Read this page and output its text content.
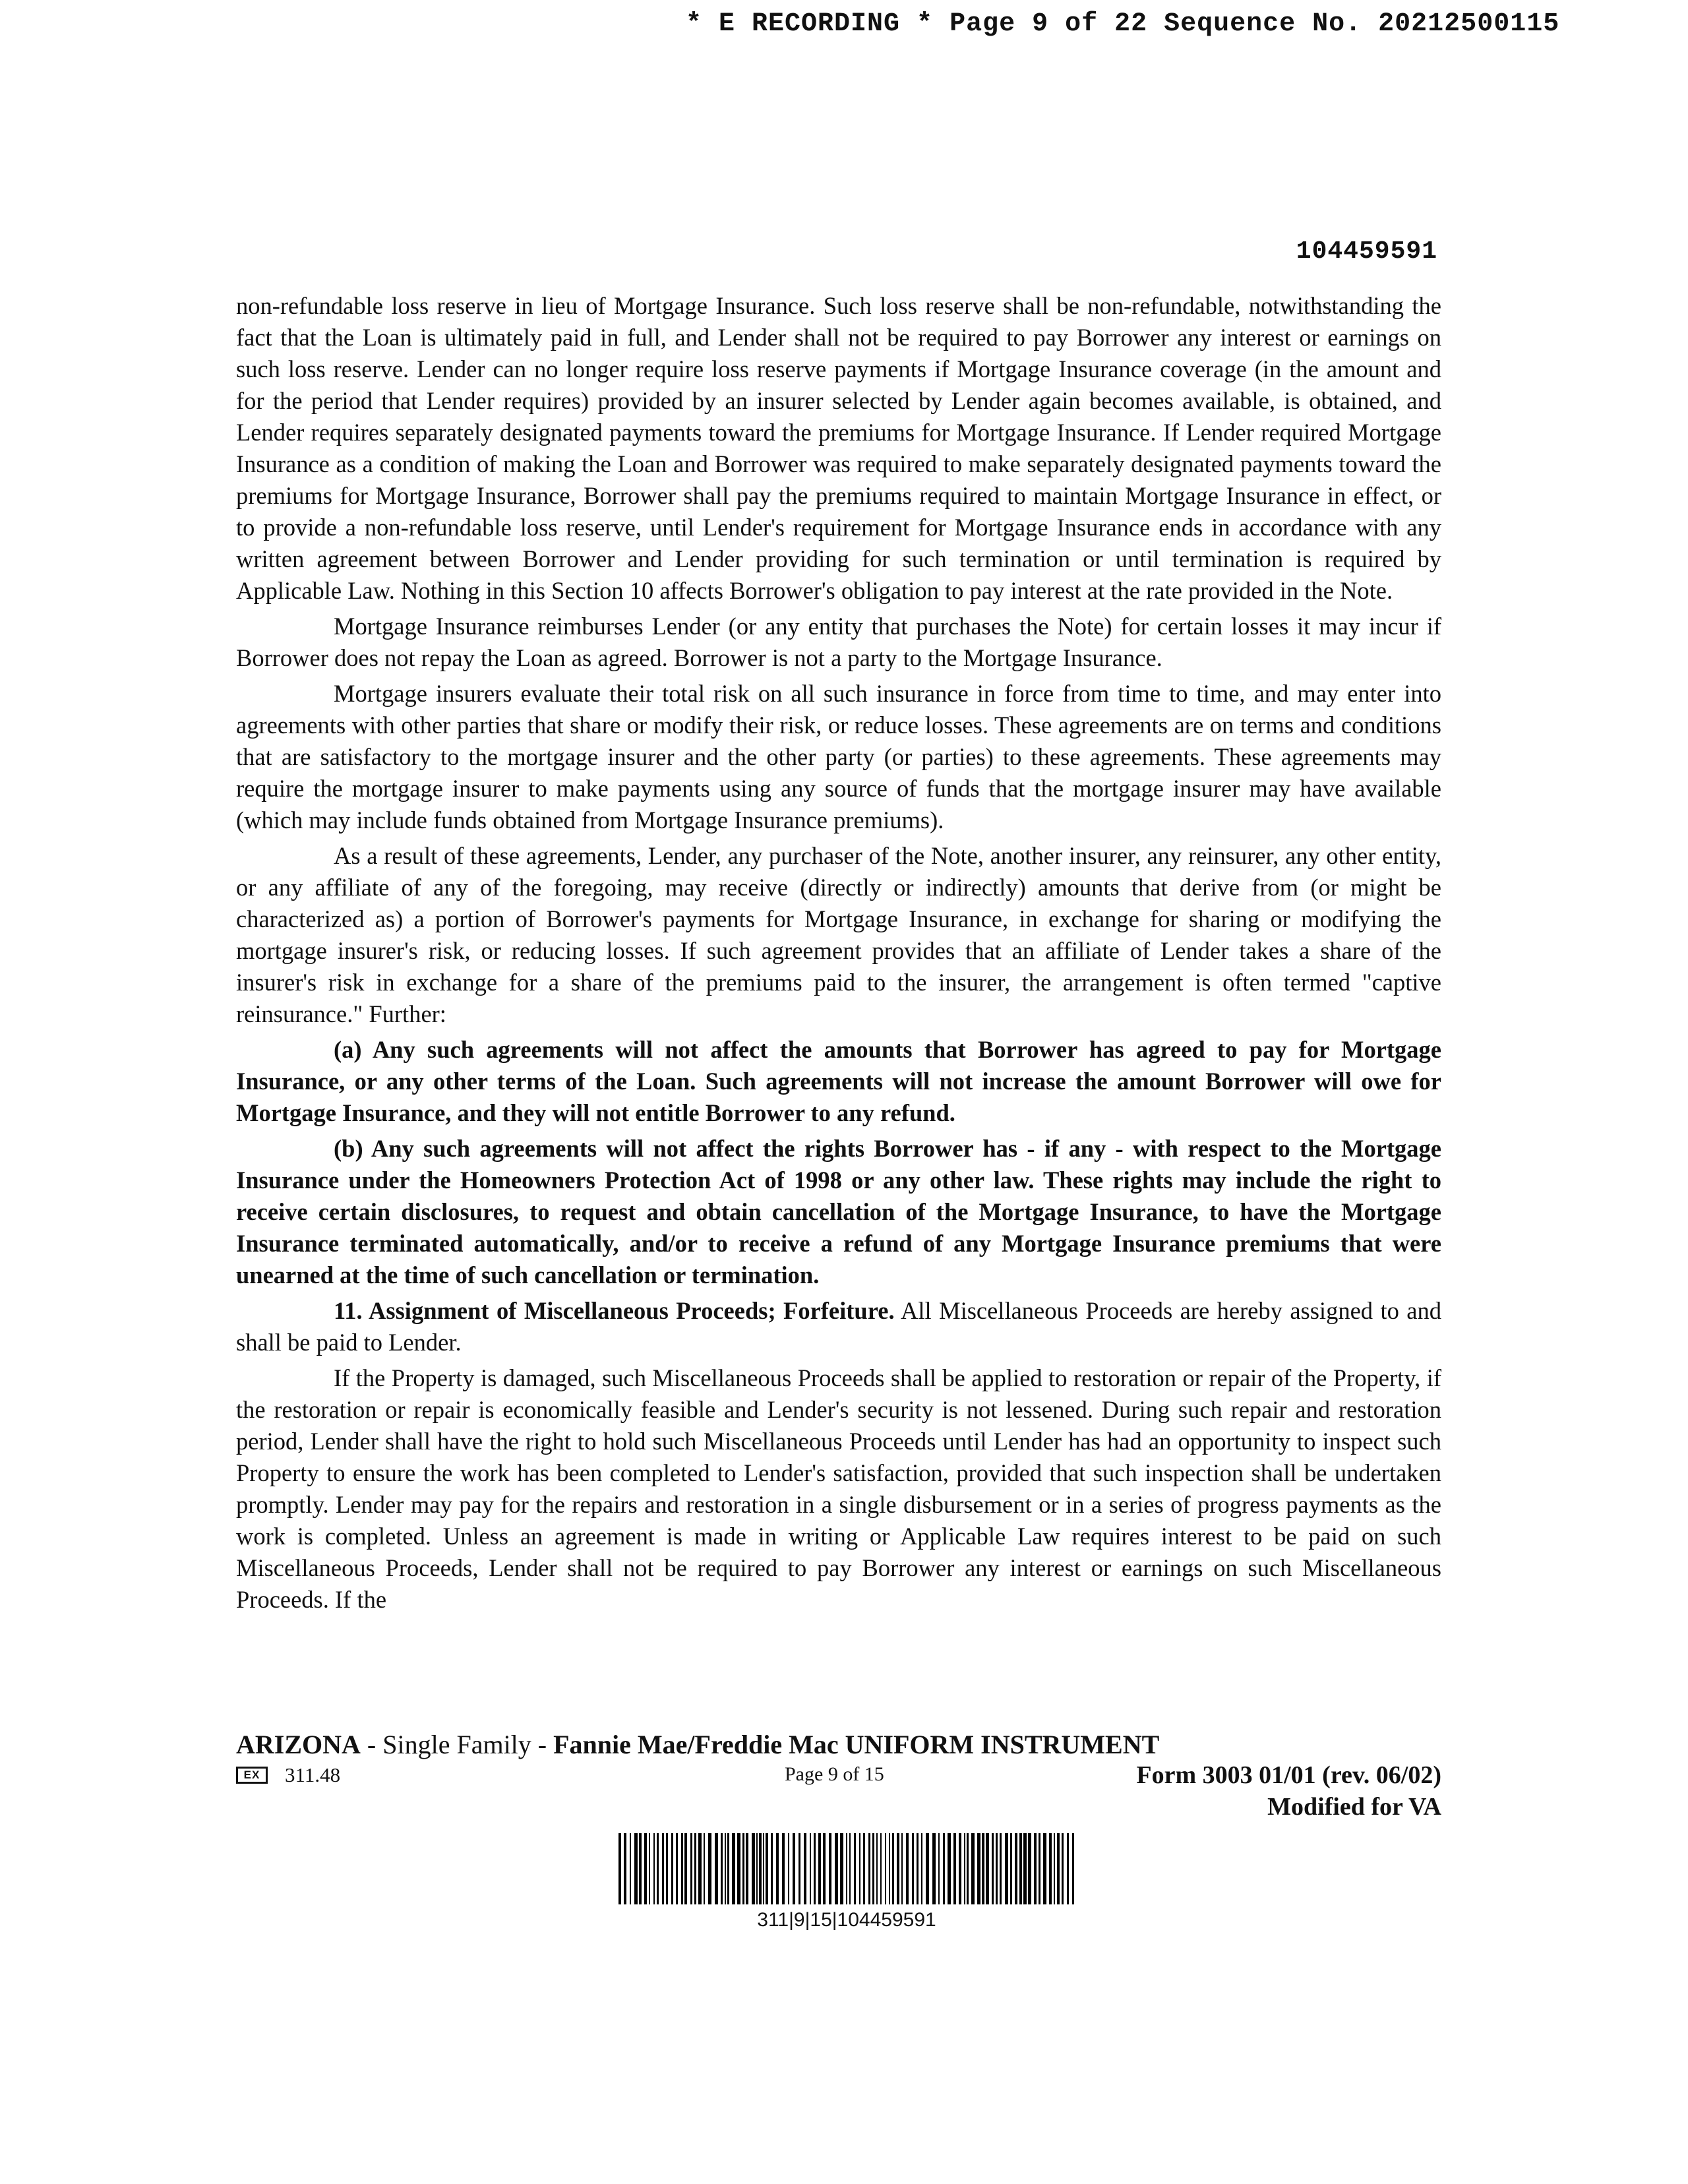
* E RECORDING * Page 9 of 22 Sequence No. 20212500115
104459591

non-refundable loss reserve in lieu of Mortgage Insurance. Such loss reserve shall be non-refundable, notwithstanding the fact that the Loan is ultimately paid in full, and Lender shall not be required to pay Borrower any interest or earnings on such loss reserve. Lender can no longer require loss reserve payments if Mortgage Insurance coverage (in the amount and for the period that Lender requires) provided by an insurer selected by Lender again becomes available, is obtained, and Lender requires separately designated payments toward the premiums for Mortgage Insurance. If Lender required Mortgage Insurance as a condition of making the Loan and Borrower was required to make separately designated payments toward the premiums for Mortgage Insurance, Borrower shall pay the premiums required to maintain Mortgage Insurance in effect, or to provide a non-refundable loss reserve, until Lender's requirement for Mortgage Insurance ends in accordance with any written agreement between Borrower and Lender providing for such termination or until termination is required by Applicable Law. Nothing in this Section 10 affects Borrower's obligation to pay interest at the rate provided in the Note.

Mortgage Insurance reimburses Lender (or any entity that purchases the Note) for certain losses it may incur if Borrower does not repay the Loan as agreed. Borrower is not a party to the Mortgage Insurance.

Mortgage insurers evaluate their total risk on all such insurance in force from time to time, and may enter into agreements with other parties that share or modify their risk, or reduce losses. These agreements are on terms and conditions that are satisfactory to the mortgage insurer and the other party (or parties) to these agreements. These agreements may require the mortgage insurer to make payments using any source of funds that the mortgage insurer may have available (which may include funds obtained from Mortgage Insurance premiums).

As a result of these agreements, Lender, any purchaser of the Note, another insurer, any reinsurer, any other entity, or any affiliate of any of the foregoing, may receive (directly or indirectly) amounts that derive from (or might be characterized as) a portion of Borrower's payments for Mortgage Insurance, in exchange for sharing or modifying the mortgage insurer's risk, or reducing losses. If such agreement provides that an affiliate of Lender takes a share of the insurer's risk in exchange for a share of the premiums paid to the insurer, the arrangement is often termed "captive reinsurance." Further:

(a) Any such agreements will not affect the amounts that Borrower has agreed to pay for Mortgage Insurance, or any other terms of the Loan. Such agreements will not increase the amount Borrower will owe for Mortgage Insurance, and they will not entitle Borrower to any refund.

(b) Any such agreements will not affect the rights Borrower has - if any - with respect to the Mortgage Insurance under the Homeowners Protection Act of 1998 or any other law. These rights may include the right to receive certain disclosures, to request and obtain cancellation of the Mortgage Insurance, to have the Mortgage Insurance terminated automatically, and/or to receive a refund of any Mortgage Insurance premiums that were unearned at the time of such cancellation or termination.

11. Assignment of Miscellaneous Proceeds; Forfeiture. All Miscellaneous Proceeds are hereby assigned to and shall be paid to Lender.

If the Property is damaged, such Miscellaneous Proceeds shall be applied to restoration or repair of the Property, if the restoration or repair is economically feasible and Lender's security is not lessened. During such repair and restoration period, Lender shall have the right to hold such Miscellaneous Proceeds until Lender has had an opportunity to inspect such Property to ensure the work has been completed to Lender's satisfaction, provided that such inspection shall be undertaken promptly. Lender may pay for the repairs and restoration in a single disbursement or in a series of progress payments as the work is completed. Unless an agreement is made in writing or Applicable Law requires interest to be paid on such Miscellaneous Proceeds, Lender shall not be required to pay Borrower any interest or earnings on such Miscellaneous Proceeds. If the

ARIZONA - Single Family - Fannie Mae/Freddie Mac UNIFORM INSTRUMENT
EX	311.48	Page 9 of 15	Form 3003 01/01 (rev. 06/02)
Modified for VA
311|9|15|104459591
